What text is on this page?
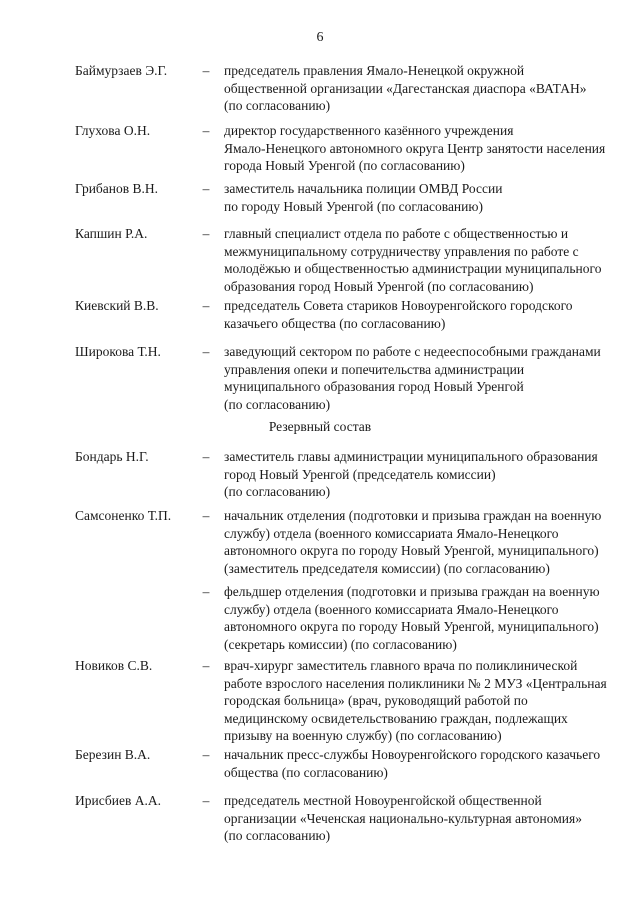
6
Баймурзаев Э.Г.	– председатель правления Ямало-Ненецкой окружной
общественной организации «Дагестанская диаспора «ВАТАН»
(по согласованию)
Глухова О.Н.	– директор государственного казённого учреждения
Ямало-Ненецкого автономного округа Центр занятости населения
города Новый Уренгой (по согласованию)
Грибанов В.Н.	– заместитель начальника полиции ОМВД России
по городу Новый Уренгой (по согласованию)
Капшин Р.А.	– главный специалист отдела по работе с общественностью и
межмуниципальному сотрудничеству управления по работе с
молодёжью и общественностью администрации муниципального
образования город Новый Уренгой (по согласованию)
Киевский В.В.	– председатель Совета стариков Новоуренгойского городского
казачьего общества (по согласованию)
Широкова Т.Н.	– заведующий сектором по работе с недееспособными гражданами
управления опеки и попечительства администрации
муниципального образования город Новый Уренгой
(по согласованию)
Резервный состав
Бондарь Н.Г.	– заместитель главы администрации муниципального образования
город Новый Уренгой (председатель комиссии)
(по согласованию)
Самсоненко Т.П. – начальник отделения (подготовки и призыва граждан на военную
службу) отдела (военного комиссариата Ямало-Ненецкого
автономного округа по городу Новый Уренгой, муниципального)
(заместитель председателя комиссии) (по согласованию)
– фельдшер отделения (подготовки и призыва граждан на военную
службу) отдела (военного комиссариата Ямало-Ненецкого
автономного округа по городу Новый Уренгой, муниципального)
(секретарь комиссии) (по согласованию)
Новиков С.В.	– врач-хирург заместитель главного врача по поликлинической
работе взрослого населения поликлиники № 2 МУЗ «Центральная
городская больница» (врач, руководящий работой по
медицинскому освидетельствованию граждан, подлежащих
призыву на военную службу) (по согласованию)
Березин В.А.	– начальник пресс-службы Новоуренгойского городского казачьего
общества (по согласованию)
Ирисбиев А.А.	– председатель местной Новоуренгойской общественной
организации «Чеченская национально-культурная автономия»
(по согласованию)
